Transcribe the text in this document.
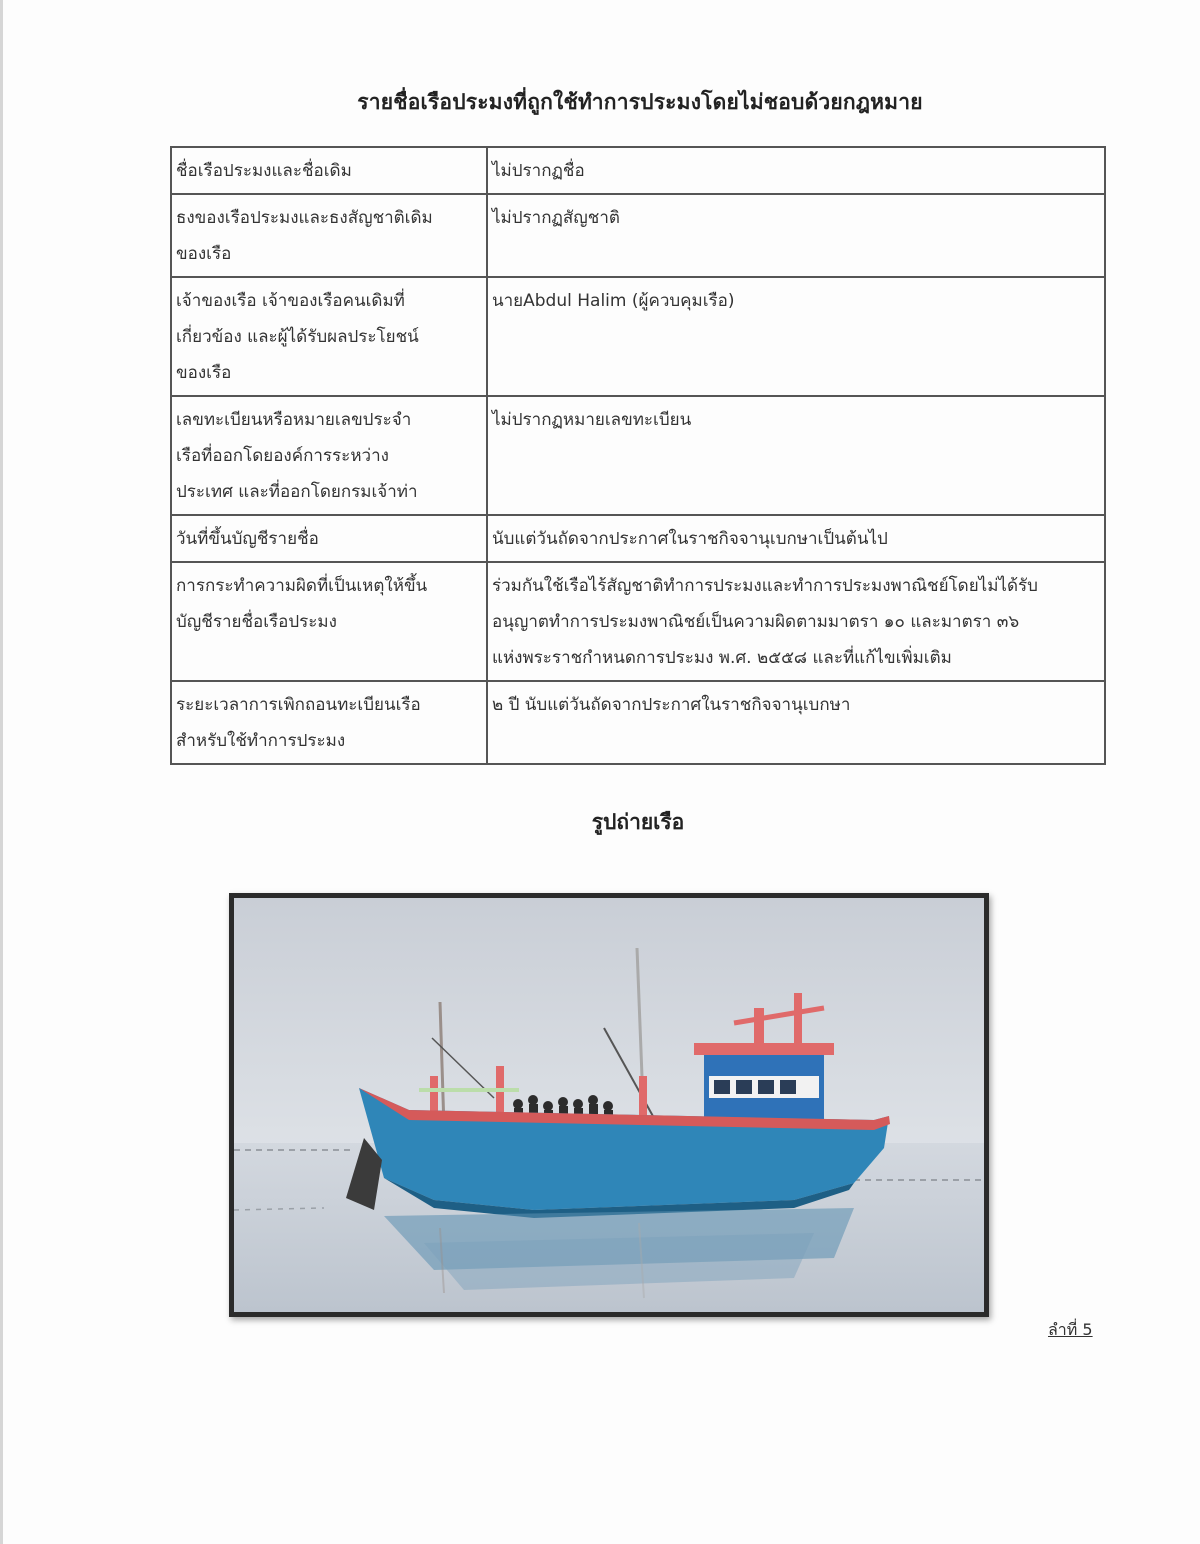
รายชื่อเรือประมงที่ถูกใช้ทำการประมงโดยไม่ชอบด้วยกฎหมาย
ชื่อเรือประมงและชื่อเดิม	ไม่ปรากฏชื่อ
ธงของเรือประมงและธงสัญชาติเดิม
ของเรือ	ไม่ปรากฏสัญชาติ
เจ้าของเรือ เจ้าของเรือคนเดิมที่
เกี่ยวข้อง และผู้ได้รับผลประโยชน์
ของเรือ	นายAbdul Halim (ผู้ควบคุมเรือ)
เลขทะเบียนหรือหมายเลขประจำ
เรือที่ออกโดยองค์การระหว่าง
ประเทศ และที่ออกโดยกรมเจ้าท่า	ไม่ปรากฏหมายเลขทะเบียน
วันที่ขึ้นบัญชีรายชื่อ	นับแต่วันถัดจากประกาศในราชกิจจานุเบกษาเป็นต้นไป
การกระทำความผิดที่เป็นเหตุให้ขึ้น
บัญชีรายชื่อเรือประมง	ร่วมกันใช้เรือไร้สัญชาติทำการประมงและทำการประมงพาณิชย์โดยไม่ได้รับ
อนุญาตทำการประมงพาณิชย์เป็นความผิดตามมาตรา ๑๐ และมาตรา ๓๖
แห่งพระราชกำหนดการประมง พ.ศ. ๒๕๕๘ และที่แก้ไขเพิ่มเติม
ระยะเวลาการเพิกถอนทะเบียนเรือ
สำหรับใช้ทำการประมง	๒ ปี นับแต่วันถัดจากประกาศในราชกิจจานุเบกษา
รูปถ่ายเรือ
ลำที่ 5
